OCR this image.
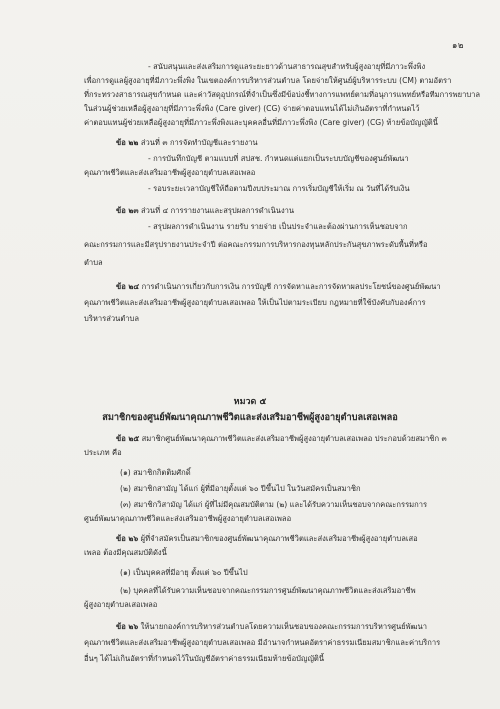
๑๒
- สนับสนุนและส่งเสริมการดูแลระยะยาวด้านสาธารณสุขสำหรับผู้สูงอายุที่มีภาวะพึ่งพิง
เพื่อการดูแลผู้สูงอายุที่มีภาวะพึ่งพิง ในเขตองค์การบริหารส่วนตำบล โดยจ่ายให้ศูนย์ผู้บริหารระบบ (CM) ตามอัตรา
ที่กระทรวงสาธารณสุขกำหนด และค่าวัสดุอุปกรณ์ที่จำเป็นซึ่งมีข้อบ่งชี้ทางการแพทย์ตามที่อนุการแพทย์หรือทีมการพยาบาล
ในส่วนผู้ช่วยเหลือผู้สูงอายุที่มีภาวะพึ่งพิง (Care giver) (CG) จ่ายค่าตอบแทนได้ไม่เกินอัตราที่กำหนดไว้
ค่าตอบแทนผู้ช่วยเหลือผู้สูงอายุที่มีภาวะพึ่งพิงและบุคคลอื่นที่มีภาวะพึ่งพิง (Care giver) (CG) ท้ายข้อบัญญัตินี้
ข้อ ๒๒ ส่วนที่ ๓ การจัดทำบัญชีและรายงาน
- การบันทึกบัญชี ตามแบบที่ สปสช. กำหนดแต่แยกเป็นระบบบัญชีของศูนย์พัฒนา
คุณภาพชีวิตและส่งเสริมอาชีพผู้สูงอายุตำบลเสอเพลอ
- รอบระยะเวลาบัญชีให้ถือตามปีงบประมาณ การเริ่มบัญชีให้เริ่ม ณ วันที่ได้รับเงิน
ข้อ ๒๓ ส่วนที่ ๔ การรายงานและสรุปผลการดำเนินงาน
- สรุปผลการดำเนินงาน รายรับ รายจ่าย เป็นประจำและต้องผ่านการเห็นชอบจาก
คณะกรรมการและมีสรุปรายงานประจำปี ต่อคณะกรรมการบริหารกองทุนหลักประกันสุขภาพระดับพื้นที่หรือ
ตำบล
ข้อ ๒๔ การดำเนินการเกี่ยวกับการเงิน การบัญชี การจัดหาและการจัดหาผลประโยชน์ของศูนย์พัฒนา
คุณภาพชีวิตและส่งเสริมอาชีพผู้สูงอายุตำบลเสอเพลอ ให้เป็นไปตามระเบียบ กฎหมายที่ใช้บังคับกับองค์การ
บริหารส่วนตำบล
หมวด ๕
สมาชิกของศูนย์พัฒนาคุณภาพชีวิตและส่งเสริมอาชีพผู้สูงอายุตำบลเสอเพลอ
ข้อ ๒๕ สมาชิกศูนย์พัฒนาคุณภาพชีวิตและส่งเสริมอาชีพผู้สูงอายุตำบลเสอเพลอ ประกอบด้วยสมาชิก ๓
ประเภท คือ
(๑) สมาชิกกิตติมศักดิ์
(๒) สมาชิกสามัญ ได้แก่ ผู้ที่มีอายุตั้งแต่ ๖๐ ปีขึ้นไป ในวันสมัครเป็นสมาชิก
(๓) สมาชิกวิสามัญ ได้แก่ ผู้ที่ไม่มีคุณสมบัติตาม (๒) และได้รับความเห็นชอบจากคณะกรรมการ
ศูนย์พัฒนาคุณภาพชีวิตและส่งเสริมอาชีพผู้สูงอายุตำบลเสอเพลอ
ข้อ ๒๖ ผู้ที่จำสมัครเป็นสมาชิกของศูนย์พัฒนาคุณภาพชีวิตและส่งเสริมอาชีพผู้สูงอายุตำบลเสอ
เพลอ ต้องมีคุณสมบัติดังนี้
(๑) เป็นบุคคลที่มีอายุ ตั้งแต่ ๖๐ ปีขึ้นไป
(๒) บุคคลที่ได้รับความเห็นชอบจากคณะกรรมการศูนย์พัฒนาคุณภาพชีวิตและส่งเสริมอาชีพ
ผู้สูงอายุตำบลเสอเพลอ
ข้อ ๒๖ ให้นายกองค์การบริหารส่วนตำบลโดยความเห็นชอบของคณะกรรมการบริหารศูนย์พัฒนา
คุณภาพชีวิตและส่งเสริมอาชีพผู้สูงอายุตำบลเสอเพลอ มีอำนาจกำหนดอัตราค่าธรรมเนียมสมาชิกและค่าบริการ
อื่นๆ ได้ไม่เกินอัตราที่กำหนดไว้ในบัญชีอัตราค่าธรรมเนียมท้ายข้อบัญญัตินี้
